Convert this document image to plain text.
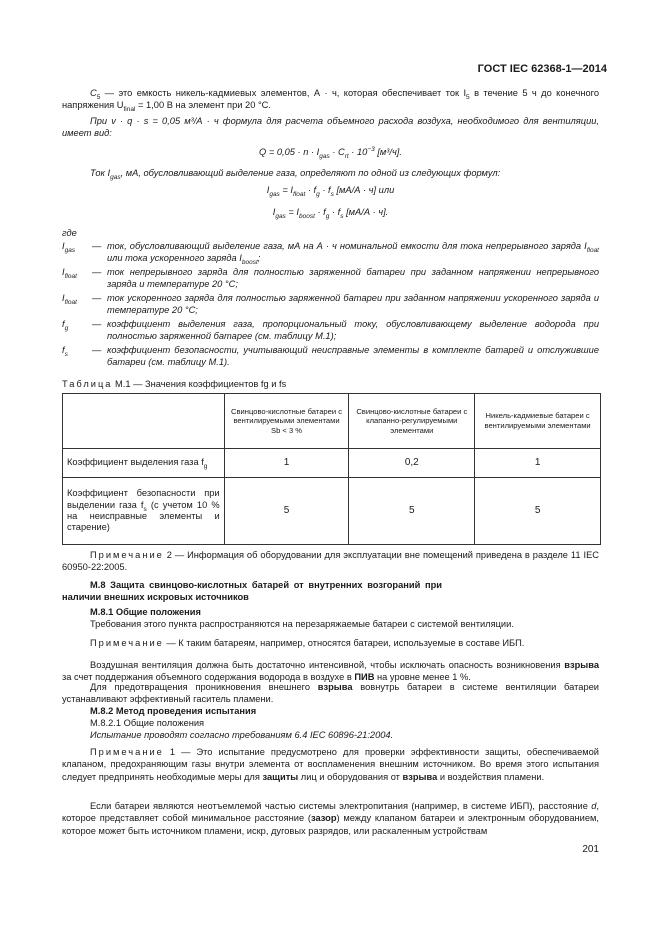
ГОСТ IEC 62368-1—2014
$C_5$ — это емкость никель-кадмиевых элементов, А · ч, которая обеспечивает ток $I_5$ в течение 5 ч до конечного напряжения $U_{final} = 1,00$ В на элемент при 20 °С.
При v · q · s = 0,05 м³/А · ч формула для расчета объемного расхода воздуха, необходимого для вентиляции, имеет вид:
$Q = 0,05 \cdot n \cdot I_{gas} \cdot C_{rt} \cdot 10^{-3}$ [м³/ч].
Ток $I_{gas}$, мА, обусловливающий выделение газа, определяют по одной из следующих формул:
$I_{gas} = I_{float} \cdot f_g \cdot f_s$ [мА/А · ч] или
$I_{gas} = I_{boost} \cdot f_g \cdot f_s$ [мА/А · ч].
где
$I_{gas}$ — ток, обусловливающий выделение газа, мА на А · ч номинальной емкости для тока непрерывного заряда $I_{float}$ или тока ускоренного заряда $I_{boost}$;
$I_{float}$ — ток непрерывного заряда для полностью заряженной батареи при заданном напряжении непрерывного заряда и температуре 20 °С;
$I_{float}$ — ток ускоренного заряда для полностью заряженной батареи при заданном напряжении ускоренного заряда и температуре 20 °С;
$f_g$	— коэффициент выделения газа, пропорциональный току, обусловливающему выделение водорода при полностью заряженной батарее (см. таблицу М.1);
$f_s$	— коэффициент безопасности, учитывающий неисправные элементы в комплекте батарей и отслужившие батареи (см. таблицу М.1).
Таблица М.1 — Значения коэффициентов fg и fs
	Свинцово-кислотные батареи с вентилируемыми элементами Sb < 3 %	Свинцово-кислотные батареи с клапанно-регулируемыми элементами	Никель-кадмиевые батареи с вентилируемыми элементами
Коэффициент выделения газа $f_g$	1	0,2	1
Коэффициент безопасности при выделении газа $f_s$ (с учетом 10 % на неисправные элементы и старение)	5	5	5
Примечание 2 — Информация об оборудовании для эксплуатации вне помещений приведена в разделе 11 IEC 60950-22:2005.
М.8 Защита свинцово-кислотных батарей от внутренних возгораний при наличии внешних искровых источников
М.8.1 Общие положения
Требования этого пункта распространяются на перезаряжаемые батареи с системой вентиляции.
Примечание — К таким батареям, например, относятся батареи, используемые в составе ИБП.
Воздушная вентиляция должна быть достаточно интенсивной, чтобы исключать опасность возникновения взрыва за счет поддержания объемного содержания водорода в воздухе в ПИВ на уровне менее 1 %.
Для предотвращения проникновения внешнего взрыва вовнутрь батареи в системе вентиляции батареи устанавливают эффективный гаситель пламени.
М.8.2 Метод проведения испытания
М.8.2.1 Общие положения
Испытание проводят согласно требованиям 6.4 IEC 60896-21:2004.
Примечание 1 — Это испытание предусмотрено для проверки эффективности защиты, обеспечиваемой клапаном, предохраняющим газы внутри элемента от воспламенения внешним источником. Во время этого испытания следует предпринять необходимые меры для защиты лиц и оборудования от взрыва и воздействия пламени.
Если батареи являются неотъемлемой частью системы электропитания (например, в системе ИБП), расстояние d, которое представляет собой минимальное расстояние (зазор) между клапаном батареи и электронным оборудованием, которое может быть источником пламени, искр, дуговых разрядов, или раскаленным устройствам
201
